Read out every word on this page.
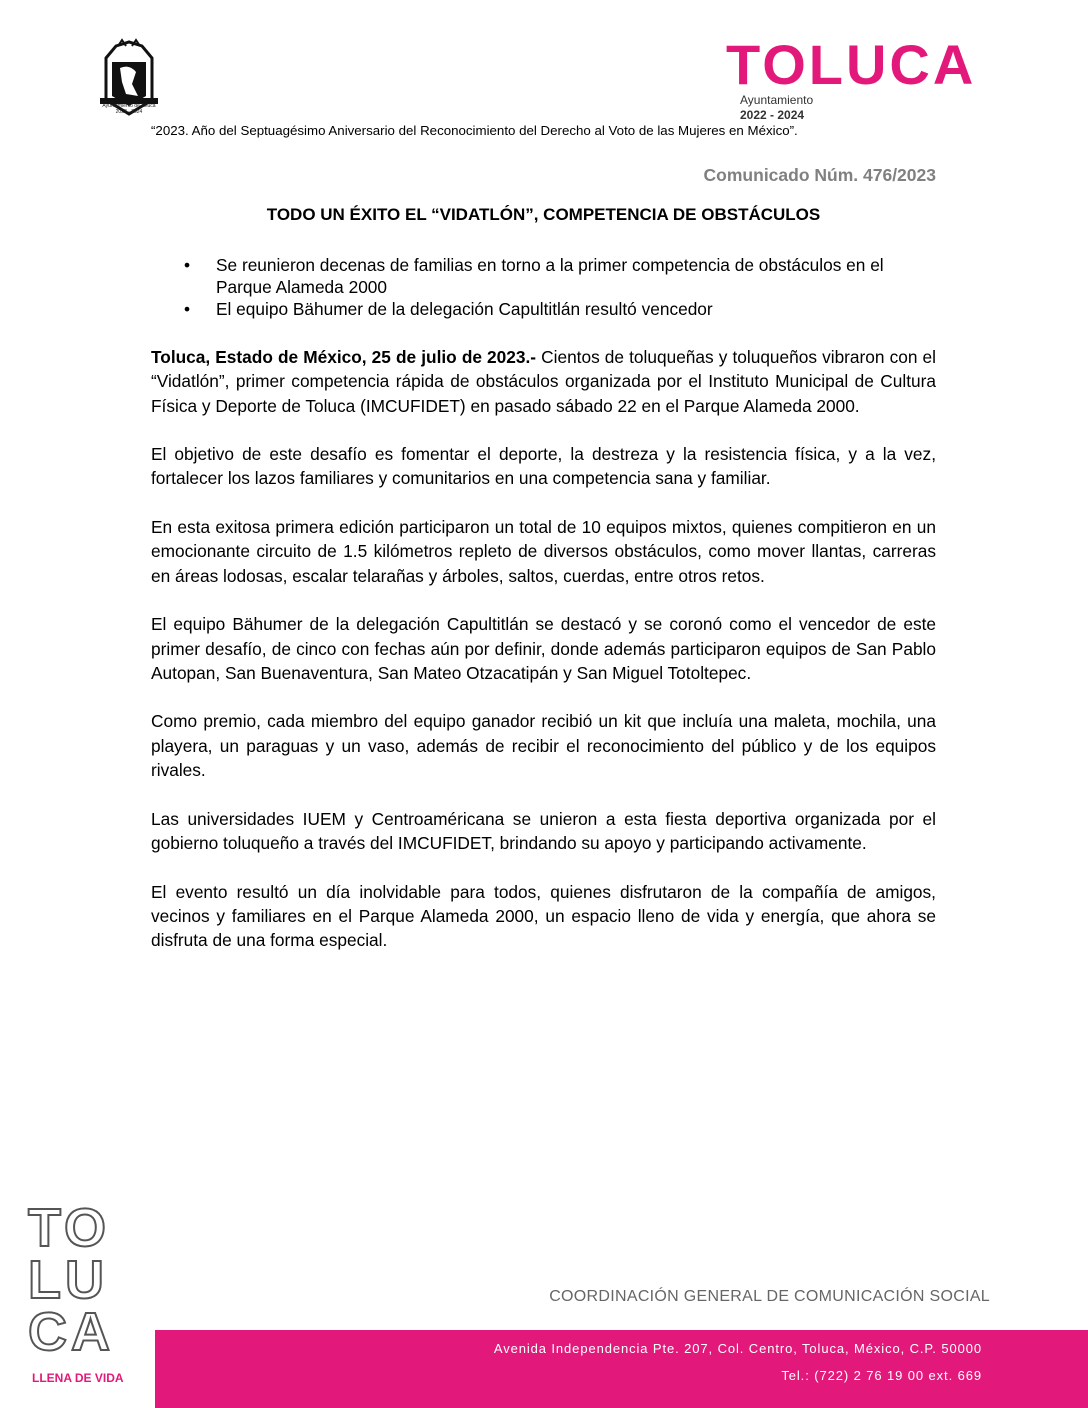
Ayuntamiento de Toluca
2022 - 2024
TOLUCA
Ayuntamiento
2022 - 2024
“2023. Año del Septuagésimo Aniversario del Reconocimiento del Derecho al Voto de las Mujeres en México”.
Comunicado Núm. 476/2023
TODO UN ÉXITO EL “VIDATLÓN”, COMPETENCIA DE OBSTÁCULOS
• Se reunieron decenas de familias en torno a la primer competencia de obstáculos en el Parque Alameda 2000
• El equipo Bähumer de la delegación Capultitlán resultó vencedor

Toluca, Estado de México, 25 de julio de 2023.- Cientos de toluqueñas y toluqueños vibraron con el “Vidatlón”, primer competencia rápida de obstáculos organizada por el Instituto Municipal de Cultura Física y Deporte de Toluca (IMCUFIDET) en pasado sábado 22 en el Parque Alameda 2000.

El objetivo de este desafío es fomentar el deporte, la destreza y la resistencia física, y a la vez, fortalecer los lazos familiares y comunitarios en una competencia sana y familiar.

En esta exitosa primera edición participaron un total de 10 equipos mixtos, quienes compitieron en un emocionante circuito de 1.5 kilómetros repleto de diversos obstáculos, como mover llantas, carreras en áreas lodosas, escalar telarañas y árboles, saltos, cuerdas, entre otros retos.

El equipo Bähumer de la delegación Capultitlán se destacó y se coronó como el vencedor de este primer desafío, de cinco con fechas aún por definir, donde además participaron equipos de San Pablo Autopan, San Buenaventura, San Mateo Otzacatipán y San Miguel Totoltepec.

Como premio, cada miembro del equipo ganador recibió un kit que incluía una maleta, mochila, una playera, un paraguas y un vaso, además de recibir el reconocimiento del público y de los equipos rivales.

Las universidades IUEM y Centroaméricana se unieron a esta fiesta deportiva organizada por el gobierno toluqueño a través del IMCUFIDET, brindando su apoyo y participando activamente.

El evento resultó un día inolvidable para todos, quienes disfrutaron de la compañía de amigos, vecinos y familiares en el Parque Alameda 2000, un espacio lleno de vida y energía, que ahora se disfruta de una forma especial.

TO
LU
CA
LLENA DE VIDA
COORDINACIÓN GENERAL DE COMUNICACIÓN SOCIAL
Avenida Independencia Pte. 207, Col. Centro, Toluca, México, C.P. 50000
Tel.: (722) 2 76 19 00 ext. 669
